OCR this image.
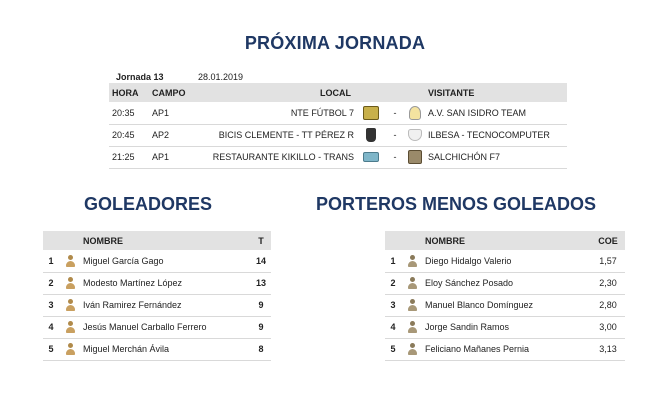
PRÓXIMA JORNADA
Jornada 13	28.01.2019
HORA	CAMPO	LOCAL				VISITANTE
20:35	AP1	NTE FÚTBOL 7		-		A.V. SAN ISIDRO TEAM
20:45	AP2	BICIS CLEMENTE - TT PÉREZ R		-		ILBESA - TECNOCOMPUTER
21:25	AP1	RESTAURANTE KIKILLO - TRANS		-		SALCHICHÓN F7
GOLEADORES	PORTEROS MENOS GOLEADOS
		NOMBRE	T
1		Miguel García Gago	14
2		Modesto Martínez López	13
3		Iván Ramirez Fernández	9
4		Jesús Manuel Carballo Ferrero	9
5		Miguel Merchán Ávila	8
		NOMBRE	COE
1		Diego Hidalgo Valerio	1,57
2		Eloy Sánchez Posado	2,30
3		Manuel Blanco Domínguez	2,80
4		Jorge Sandin Ramos	3,00
5		Feliciano Mañanes Pernia	3,13
